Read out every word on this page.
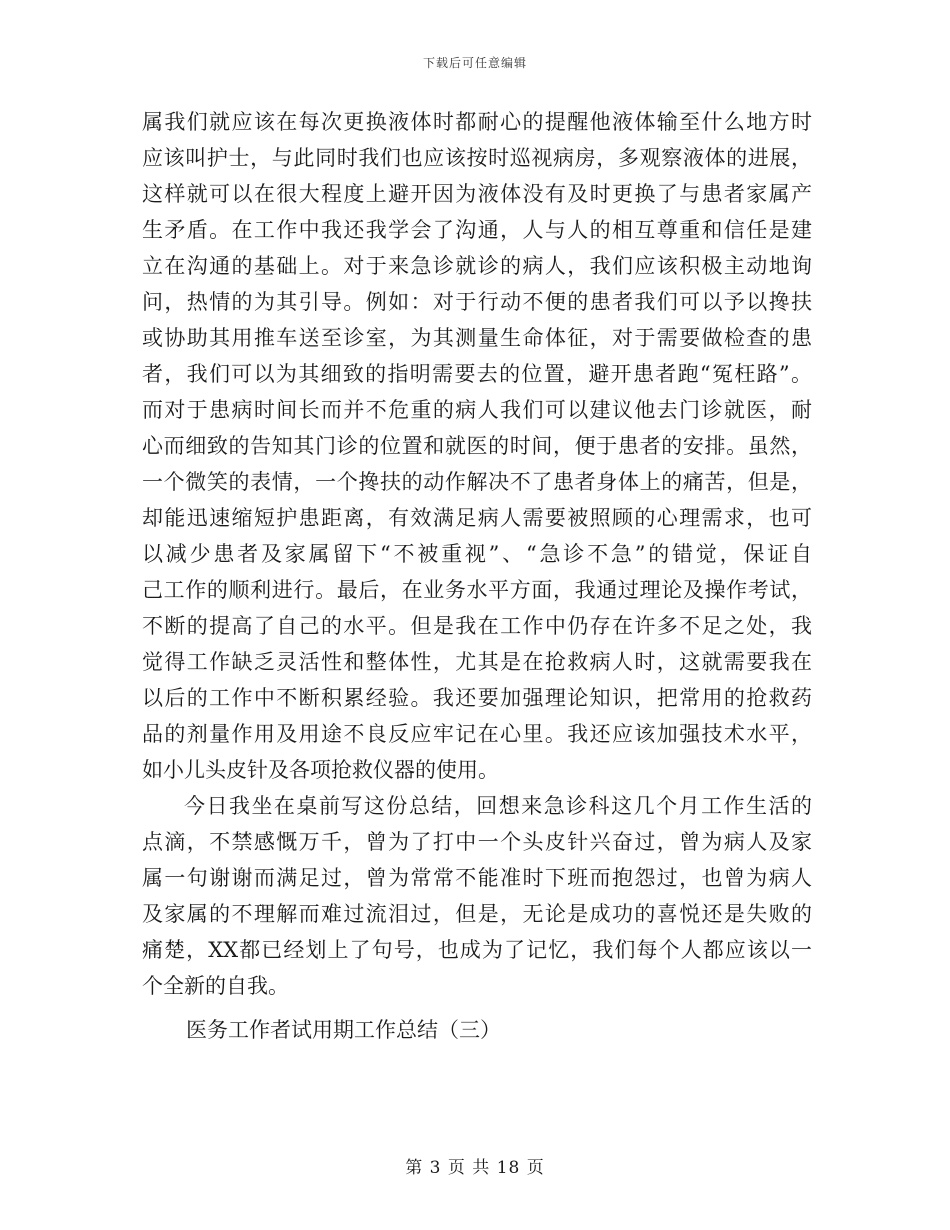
下载后可任意编辑
属我们就应该在每次更换液体时都耐心的提醒他液体输至什么地方时
应该叫护士，与此同时我们也应该按时巡视病房，多观察液体的进展，
这样就可以在很大程度上避开因为液体没有及时更换了与患者家属产
生矛盾。在工作中我还我学会了沟通，人与人的相互尊重和信任是建
立在沟通的基础上。对于来急诊就诊的病人，我们应该积极主动地询
问，热情的为其引导。例如：对于行动不便的患者我们可以予以搀扶
或协助其用推车送至诊室，为其测量生命体征，对于需要做检查的患
者，我们可以为其细致的指明需要去的位置，避开患者跑“冤枉路”。
而对于患病时间长而并不危重的病人我们可以建议他去门诊就医，耐
心而细致的告知其门诊的位置和就医的时间，便于患者的安排。虽然，
一个微笑的表情，一个搀扶的动作解决不了患者身体上的痛苦，但是，
却能迅速缩短护患距离，有效满足病人需要被照顾的心理需求，也可
以减少患者及家属留下“不被重视”、“急诊不急”的错觉，保证自
己工作的顺利进行。最后，在业务水平方面，我通过理论及操作考试，
不断的提高了自己的水平。但是我在工作中仍存在许多不足之处，我
觉得工作缺乏灵活性和整体性，尤其是在抢救病人时，这就需要我在
以后的工作中不断积累经验。我还要加强理论知识，把常用的抢救药
品的剂量作用及用途不良反应牢记在心里。我还应该加强技术水平，
如小儿头皮针及各项抢救仪器的使用。
今日我坐在桌前写这份总结，回想来急诊科这几个月工作生活的
点滴，不禁感慨万千，曾为了打中一个头皮针兴奋过，曾为病人及家
属一句谢谢而满足过，曾为常常不能准时下班而抱怨过，也曾为病人
及家属的不理解而难过流泪过，但是，无论是成功的喜悦还是失败的
痛楚，XX都已经划上了句号，也成为了记忆，我们每个人都应该以一
个全新的自我。
医务工作者试用期工作总结（三）
第 3 页 共 18 页
